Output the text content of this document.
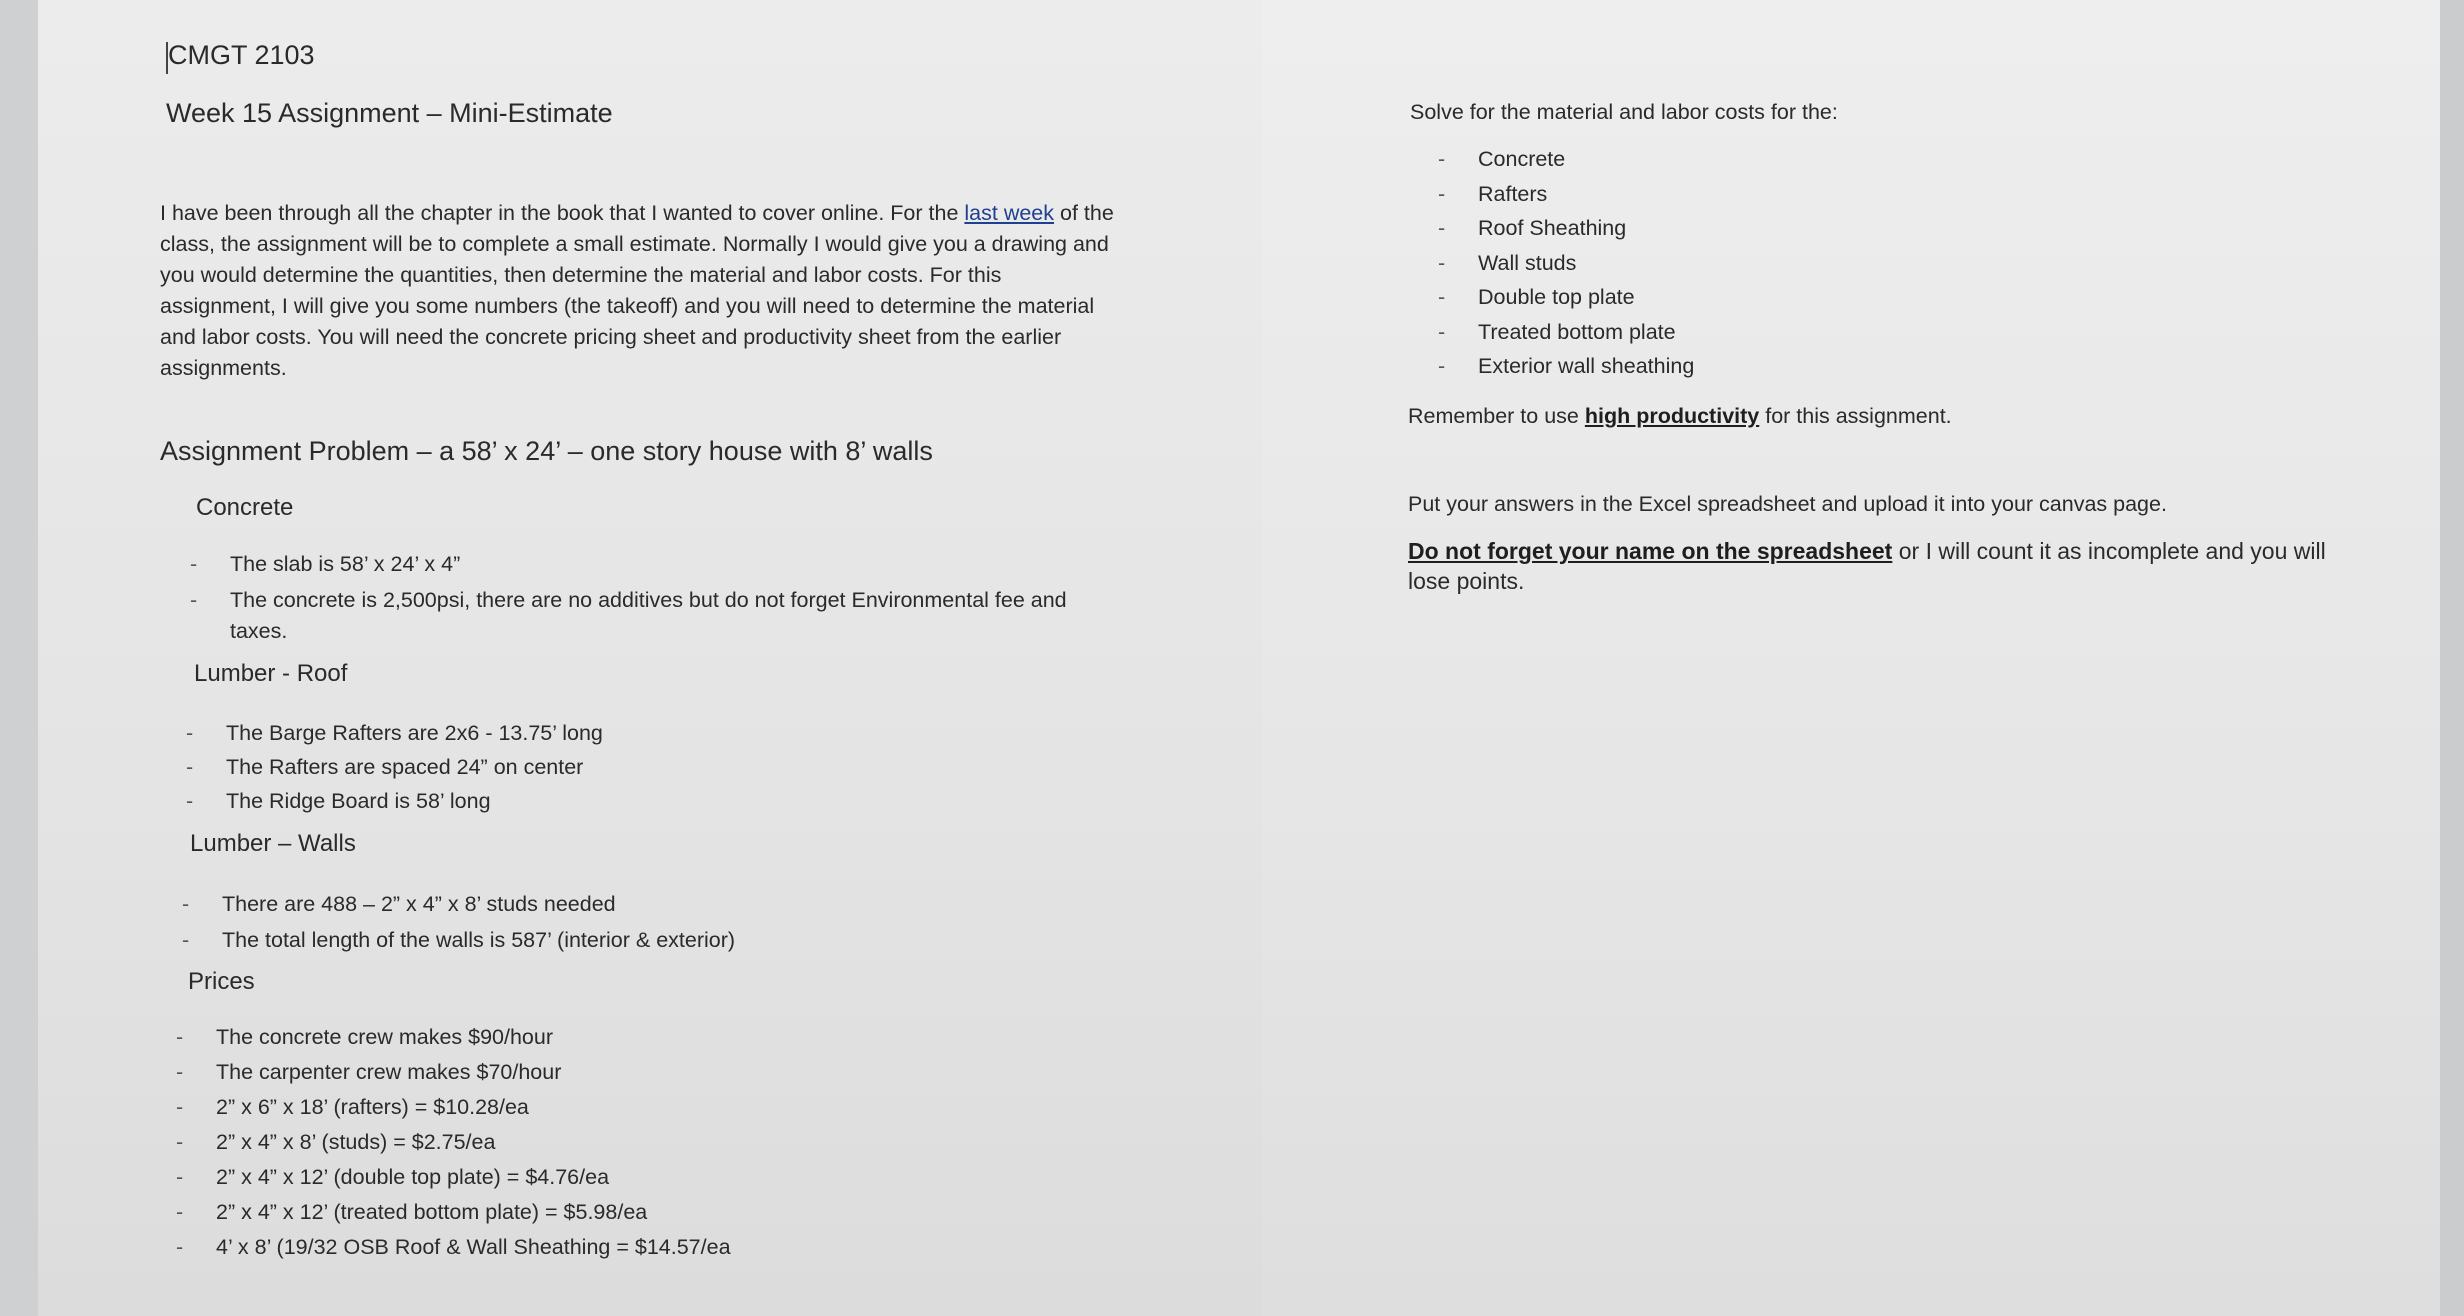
CMGT 2103
Week 15 Assignment – Mini-Estimate
I have been through all the chapter in the book that I wanted to cover online. For the last week of the class, the assignment will be to complete a small estimate. Normally I would give you a drawing and you would determine the quantities, then determine the material and labor costs. For this assignment, I will give you some numbers (the takeoff) and you will need to determine the material and labor costs. You will need the concrete pricing sheet and productivity sheet from the earlier assignments.
Assignment Problem – a 58’ x 24’ – one story house with 8’ walls
Concrete
- The slab is 58’ x 24’ x 4”
- The concrete is 2,500psi, there are no additives but do not forget Environmental fee and
taxes.
Lumber - Roof
- The Barge Rafters are 2x6 - 13.75’ long
- The Rafters are spaced 24” on center
- The Ridge Board is 58’ long
Lumber – Walls
- There are 488 – 2” x 4” x 8’ studs needed
- The total length of the walls is 587’ (interior & exterior)
Prices
- The concrete crew makes $90/hour
- The carpenter crew makes $70/hour
- 2” x 6” x 18’ (rafters) = $10.28/ea
- 2” x 4” x 8’ (studs) = $2.75/ea
- 2” x 4” x 12’ (double top plate) = $4.76/ea
- 2” x 4” x 12’ (treated bottom plate) = $5.98/ea
- 4’ x 8’ (19/32 OSB Roof & Wall Sheathing = $14.57/ea
Solve for the material and labor costs for the:
- Concrete
- Rafters
- Roof Sheathing
- Wall studs
- Double top plate
- Treated bottom plate
- Exterior wall sheathing
Remember to use high productivity for this assignment.
Put your answers in the Excel spreadsheet and upload it into your canvas page.
Do not forget your name on the spreadsheet or I will count it as incomplete and you will lose points.
